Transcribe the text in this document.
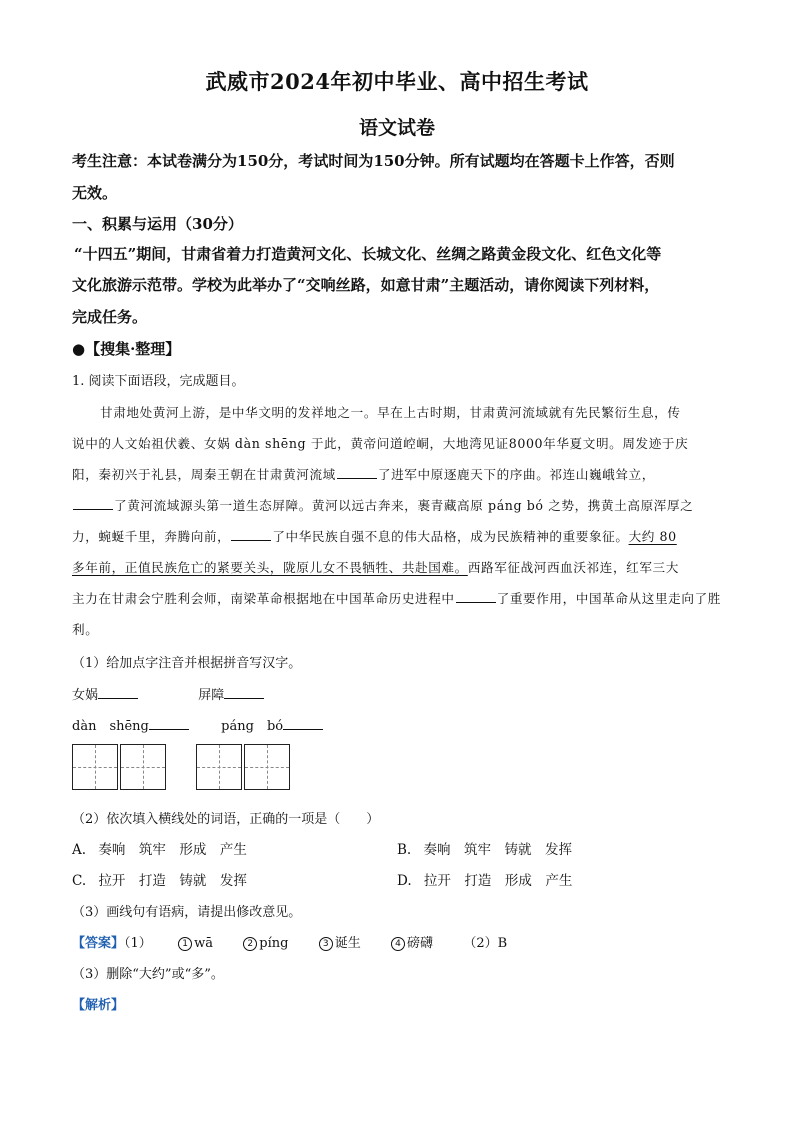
武威市2024年初中毕业、高中招生考试
语文试卷
考生注意：本试卷满分为150分，考试时间为150分钟。所有试题均在答题卡上作答，否则
无效。
一、积累与运用（30分）
“十四五”期间，甘肃省着力打造黄河文化、长城文化、丝绸之路黄金段文化、红色文化等
文化旅游示范带。学校为此举办了“交响丝路，如意甘肃”主题活动，请你阅读下列材料，
完成任务。
●【搜集·整理】
1. 阅读下面语段，完成题目。
甘肃地处黄河上游，是中华文明的发祥地之一。早在上古时期，甘肃黄河流域就有先民繁衍生息，传
说中的人文始祖伏羲、女娲 dàn shēng 于此，黄帝问道崆峒，大地湾见证8000年华夏文明。周发迹于庆
阳，秦初兴于礼县，周秦王朝在甘肃黄河流域	了进军中原逐鹿天下的序曲。祁连山巍峨耸立，
了黄河流域源头第一道生态屏障。黄河以远古奔来，裹青藏高原 páng bó 之势，携黄土高原浑厚之
力，蜿蜒千里，奔腾向前，	了中华民族自强不息的伟大品格，成为民族精神的重要象征。大约 80
多年前，正值民族危亡的紧要关头，陇原儿女不畏牺牲、共赴国难。西路军征战河西血沃祁连，红军三大
主力在甘肃会宁胜利会师，南梁革命根据地在中国革命历史进程中	了重要作用，中国革命从这里走向了胜
利。
（1）给加点字注音并根据拼音写汉字。
女娲	屏障
dàn　shēng	páng　bó
（2）依次填入横线处的词语，正确的一项是（　　）
A. 奏响　筑牢　形成　产生	B. 奏响　筑牢　铸就　发挥
C. 拉开　打造　铸就　发挥	D. 拉开　打造　形成　产生
（3）画线句有语病，请提出修改意见。
【答案】（1）	1 wā	2 píng	3 诞生	4 磅礴 （2）B
（3）删除“大约”或“多”。
【解析】
